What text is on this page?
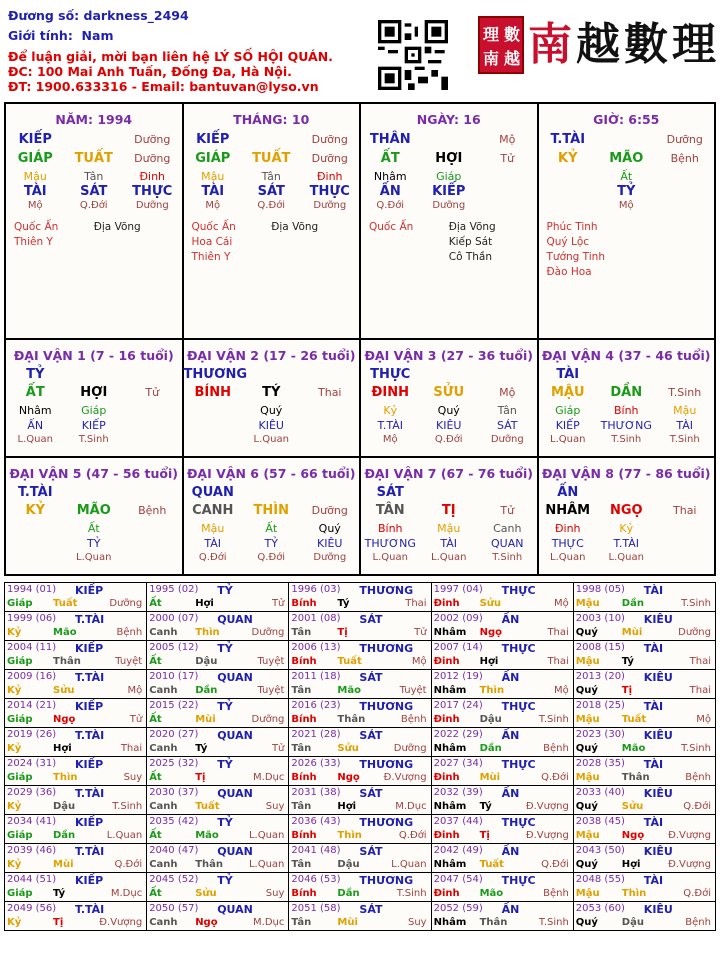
Đương số: darkness_2494
Giới tính: Nam
Để luận giải, mời bạn liên hệ LÝ SỐ HỘI QUÁN.
ĐC: 100 Mai Anh Tuấn, Đống Đa, Hà Nội.
ĐT: 1900.633316 - Email: bantuvan@lyso.vn
理 數
南 越 南越數理
NĂM: 1994
KIẾP	Dưỡng
GIÁP	TUẤT	Dưỡng
Mậu	Tân	Đinh
TÀI	SÁT	THỰC
Mộ	Q.Đới	Dưỡng
Quốc Ấn
Thiên Y
Địa Võng
THÁNG: 10
KIẾP	Dưỡng
GIÁP	TUẤT	Dưỡng
Mậu	Tân	Đinh
TÀI	SÁT	THỰC
Mộ	Q.Đới	Dưỡng
Quốc Ấn
Hoa Cái
Thiên Y
Địa Võng
NGÀY: 16
THÂN	Mộ
ẤT	HỢI	Tử
Nhâm	Giáp
ẤN	KIẾP
Q.Đới	Dưỡng
Quốc Ấn	Địa Võng
Kiếp Sát
Cô Thần
GIỜ: 6:55
T.TÀI	Dưỡng
KỶ	MÃO	Bệnh
Ất
TỶ
Mộ
Phúc Tinh
Quý Lộc
Tướng Tinh
Đào Hoa
ĐẠI VẬN 1 (7 - 16 tuổi)
TỶ
ẤT	HỢI	Tử
Nhâm	Giáp
ẤN	KIẾP
L.Quan	T.Sinh
ĐẠI VẬN 2 (17 - 26 tuổi)
THƯƠNG
BÍNH	TÝ	Thai
Quý
KIÊU
L.Quan
ĐẠI VẬN 3 (27 - 36 tuổi)
THỰC
ĐINH	SỬU	Mộ
Kỷ	Quý	Tân
T.TÀI	KIÊU	SÁT
Mộ	Q.Đới	Dưỡng
ĐẠI VẬN 4 (37 - 46 tuổi)
TÀI
MẬU	DẦN	T.Sinh
Giáp	Bính	Mậu
KIẾP	THƯƠNG	TÀI
L.Quan	T.Sinh	T.Sinh
ĐẠI VẬN 5 (47 - 56 tuổi)
T.TÀI
KỶ	MÃO	Bệnh
Ất
TỶ
L.Quan
ĐẠI VẬN 6 (57 - 66 tuổi)
QUAN
CANH	THÌN	Dưỡng
Mậu	Ất	Quý
TÀI	TỶ	KIÊU
Q.Đới	Q.Đới	Dưỡng
ĐẠI VẬN 7 (67 - 76 tuổi)
SÁT
TÂN	TỊ	Tử
Bính	Mậu	Canh
THƯƠNG	TÀI	QUAN
L.Quan	L.Quan	T.Sinh
ĐẠI VẬN 8 (77 - 86 tuổi)
ẤN
NHÂM	NGỌ	Thai
Đinh	Kỷ
THỰC	T.TÀI
L.Quan	L.Quan
1994 (01) KIẾP
Giáp Tuất	Dưỡng
1995 (02) TỶ
Ất	Hợi	Tử
1996 (03) THƯƠNG
Bính Tý	Thai
1997 (04) THỰC
Đinh Sửu	Mộ
1998 (05) TÀI
Mậu Dần	T.Sinh
1999 (06) T.TÀI
Kỷ	Mão	Bệnh
2000 (07) QUAN
Canh Thìn	Dưỡng
2001 (08) SÁT
Tân	Tị	Tử
2002 (09) ẤN
Nhâm Ngọ	Thai
2003 (10) KIÊU
Quý Mùi	Dưỡng
2004 (11) KIẾP
Giáp Thân	Tuyệt
2005 (12) TỶ
Ất	Dậu	Tuyệt
2006 (13) THƯƠNG
Bính Tuất	Mộ
2007 (14) THỰC
Đinh Hợi	Thai
2008 (15) TÀI
Mậu Tý	Thai
2009 (16) T.TÀI
Kỷ	Sửu	Mộ
2010 (17) QUAN
Canh Dần	Tuyệt
2011 (18) SÁT
Tân	Mão	Tuyệt
2012 (19) ẤN
Nhâm Thìn	Mộ
2013 (20) KIÊU
Quý Tị	Thai
2014 (21) KIẾP
Giáp Ngọ	Tử
2015 (22) TỶ
Ất	Mùi	Dưỡng
2016 (23) THƯƠNG
Bính Thân	Bệnh
2017 (24) THỰC
Đinh Dậu	T.Sinh
2018 (25) TÀI
Mậu Tuất	Mộ
2019 (26) T.TÀI
Kỷ	Hợi	Thai
2020 (27) QUAN
Canh Tý	Tử
2021 (28) SÁT
Tân	Sửu	Dưỡng
2022 (29) ẤN
Nhâm Dần	Bệnh
2023 (30) KIÊU
Quý Mão	T.Sinh
2024 (31) KIẾP
Giáp Thìn	Suy
2025 (32) TỶ
Ất	Tị	M.Dục
2026 (33) THƯƠNG
Bính Ngọ Đ.Vượng
2027 (34) THỰC
Đinh Mùi	Q.Đới
2028 (35) TÀI
Mậu Thân	Bệnh
2029 (36) T.TÀI
Kỷ	Dậu	T.Sinh
2030 (37) QUAN
Canh Tuất	Suy
2031 (38) SÁT
Tân	Hợi	M.Dục
2032 (39) ẤN
Nhâm Tý	Đ.Vượng
2033 (40) KIÊU
Quý Sửu	Q.Đới
2034 (41) KIẾP
Giáp Dần	L.Quan
2035 (42) TỶ
Ất	Mão	L.Quan
2036 (43) THƯƠNG
Bính Thìn	Q.Đới
2037 (44) THỰC
Đinh Tị	Đ.Vượng
2038 (45) TÀI
Mậu Ngọ Đ.Vượng
2039 (46) T.TÀI
Kỷ	Mùi	Q.Đới
2040 (47) QUAN
Canh Thân	L.Quan
2041 (48) SÁT
Tân	Dậu	L.Quan
2042 (49) ẤN
Nhâm Tuất	Q.Đới
2043 (50) KIÊU
Quý Hợi	Đ.Vượng
2044 (51) KIẾP
Giáp Tý	M.Dục
2045 (52) TỶ
Ất	Sửu	Suy
2046 (53) THƯƠNG
Bính Dần	T.Sinh
2047 (54) THỰC
Đinh Mão	Bệnh
2048 (55) TÀI
Mậu Thìn	Q.Đới
2049 (56) T.TÀI
Kỷ	Tị	Đ.Vượng
2050 (57) QUAN
Canh Ngọ	M.Dục
2051 (58) SÁT
Tân	Mùi	Suy
2052 (59) ẤN
Nhâm Thân	T.Sinh
2053 (60) KIÊU
Quý Dậu	Bệnh
